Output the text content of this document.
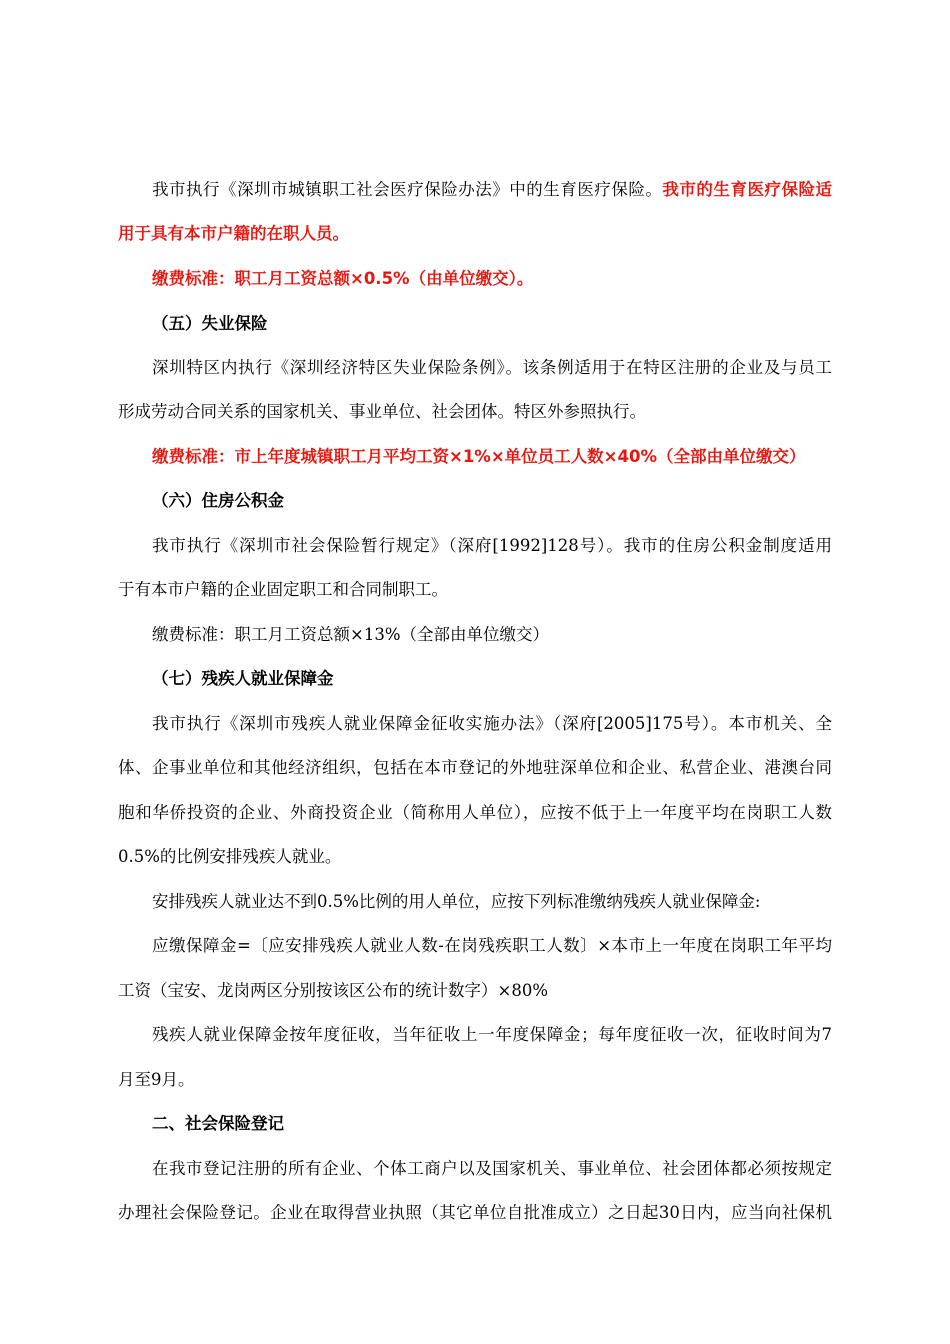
我市执行《深圳市城镇职工社会医疗保险办法》中的生育医疗保险。我市的生育医疗保险适
用于具有本市户籍的在职人员。
缴费标准：职工月工资总额×0.5%（由单位缴交）。
（五）失业保险
深圳特区内执行《深圳经济特区失业保险条例》。该条例适用于在特区注册的企业及与员工
形成劳动合同关系的国家机关、事业单位、社会团体。特区外参照执行。
缴费标准：市上年度城镇职工月平均工资×1%×单位员工人数×40%（全部由单位缴交）
（六）住房公积金
我市执行《深圳市社会保险暂行规定》（深府[1992]128号）。我市的住房公积金制度适用
于有本市户籍的企业固定职工和合同制职工。
缴费标准：职工月工资总额×13%（全部由单位缴交）
（七）残疾人就业保障金
我市执行《深圳市残疾人就业保障金征收实施办法》（深府[2005]175号）。本市机关、全
体、企事业单位和其他经济组织，包括在本市登记的外地驻深单位和企业、私营企业、港澳台同
胞和华侨投资的企业、外商投资企业（简称用人单位），应按不低于上一年度平均在岗职工人数
0.5%的比例安排残疾人就业。
安排残疾人就业达不到0.5%比例的用人单位，应按下列标准缴纳残疾人就业保障金:
应缴保障金=〔应安排残疾人就业人数-在岗残疾职工人数〕×本市上一年度在岗职工年平均
工资（宝安、龙岗两区分别按该区公布的统计数字）×80%
残疾人就业保障金按年度征收，当年征收上一年度保障金；每年度征收一次，征收时间为7
月至9月。
二、社会保险登记
在我市登记注册的所有企业、个体工商户以及国家机关、事业单位、社会团体都必须按规定
办理社会保险登记。企业在取得营业执照（其它单位自批准成立）之日起30日内，应当向社保机
